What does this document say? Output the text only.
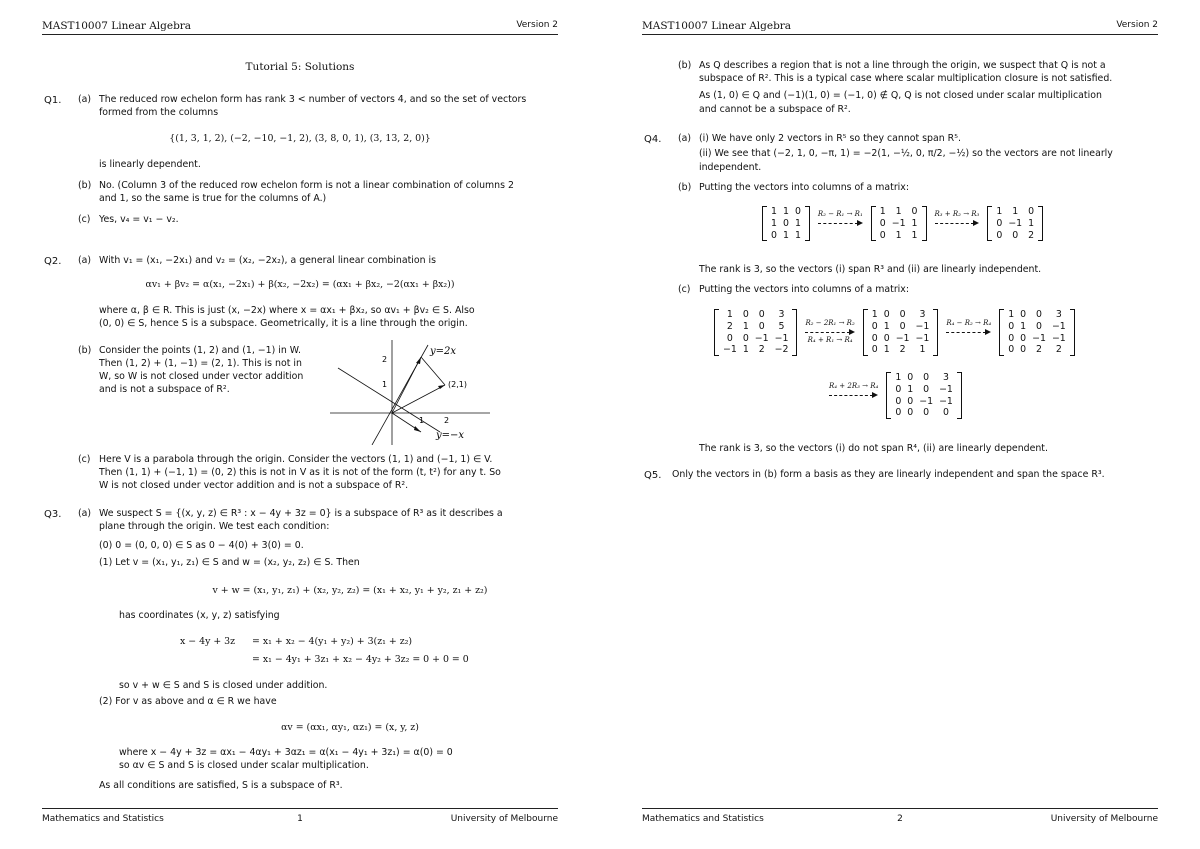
MAST10007 Linear Algebra	Version 2
Tutorial 5: Solutions
Q1. (a) The reduced row echelon form has rank 3 < number of vectors 4, and so the set of vectors
formed from the columns
{(1, 3, 1, 2), (−2, −10, −1, 2), (3, 8, 0, 1), (3, 13, 2, 0)}
is linearly dependent.
(b) No. (Column 3 of the reduced row echelon form is not a linear combination of columns 2
and 1, so the same is true for the columns of A.)
(c) Yes, v₄ = v₁ − v₂.
Q2. (a) With v₁ = (x₁, −2x₁) and v₂ = (x₂, −2x₂), a general linear combination is
αv₁ + βv₂ = α(x₁, −2x₁) + β(x₂, −2x₂) = (αx₁ + βx₂, −2(αx₁ + βx₂))
where α, β ∈ R. This is just (x, −2x) where x = αx₁ + βx₂, so αv₁ + βv₂ ∈ S. Also
(0, 0) ∈ S, hence S is a subspace. Geometrically, it is a line through the origin.
(b) Consider the points (1, 2) and (1, −1) in W.
Then (1, 2) + (1, −1) = (2, 1). This is not in
W, so W is not closed under vector addition
and is not a subspace of R².
y=2x
y=−x
(2,1)
1 2
1
2
(c) Here V is a parabola through the origin. Consider the vectors (1, 1) and (−1, 1) ∈ V.
Then (1, 1) + (−1, 1) = (0, 2) this is not in V as it is not of the form (t, t²) for any t. So
W is not closed under vector addition and is not a subspace of R².
Q3. (a) We suspect S = {(x, y, z) ∈ R³ : x − 4y + 3z = 0} is a subspace of R³ as it describes a
plane through the origin. We test each condition:
(0) 0 = (0, 0, 0) ∈ S as 0 − 4(0) + 3(0) = 0.
(1) Let v = (x₁, y₁, z₁) ∈ S and w = (x₂, y₂, z₂) ∈ S. Then
v + w = (x₁, y₁, z₁) + (x₂, y₂, z₂) = (x₁ + x₂, y₁ + y₂, z₁ + z₂)
has coordinates (x, y, z) satisfying
x − 4y + 3z = x₁ + x₂ − 4(y₁ + y₂) + 3(z₁ + z₂)
= x₁ − 4y₁ + 3z₁ + x₂ − 4y₂ + 3z₂ = 0 + 0 = 0
so v + w ∈ S and S is closed under addition.
(2) For v as above and α ∈ R we have
αv = (αx₁, αy₁, αz₁) = (x, y, z)
where x − 4y + 3z = αx₁ − 4αy₁ + 3αz₁ = α(x₁ − 4y₁ + 3z₁) = α(0) = 0
so αv ∈ S and S is closed under scalar multiplication.
As all conditions are satisfied, S is a subspace of R³.
Mathematics and Statistics	1	University of Melbourne
MAST10007 Linear Algebra	Version 2
(b) As Q describes a region that is not a line through the origin, we suspect that Q is not a
subspace of R². This is a typical case where scalar multiplication closure is not satisfied.
As (1, 0) ∈ Q and (−1)(1, 0) = (−1, 0) ∉ Q, Q is not closed under scalar multiplication
and cannot be a subspace of R².
Q4. (a) (i) We have only 2 vectors in R⁵ so they cannot span R⁵.
(ii) We see that (−2, 1, 0, −π, 1) = −2(1, −½, 0, π/2, −½) so the vectors are not linearly
independent.
(b) Putting the vectors into columns of a matrix:
1	1	0
1	0	1
0	1	1
R₂ − R₁ → R₁
1	1	0
0	−1	1
0	1	1
R₃ + R₂ → R₃
1	1	0
0	−1	1
0	0	2
The rank is 3, so the vectors (i) span R³ and (ii) are linearly independent.
(c) Putting the vectors into columns of a matrix:
1	0	0	3
2	1	0	5
0	0	−1	−1
−1	1	2	−2
R₂ − 2R₁ → R₂
R₄ + R₁ → R₄
1	0	0	3
0	1	0	−1
0	0	−1	−1
0	1	2	1
R₄ − R₂ → R₄

1	0	0	3
0	1	0	−1
0	0	−1	−1
0	0	2	2
R₄ + 2R₃ → R₄

1	0	0	3
0	1	0	−1
0	0	−1	−1
0	0	0	0
The rank is 3, so the vectors (i) do not span R⁴, (ii) are linearly dependent.
Q5. Only the vectors in (b) form a basis as they are linearly independent and span the space R³.
Mathematics and Statistics	2	University of Melbourne
